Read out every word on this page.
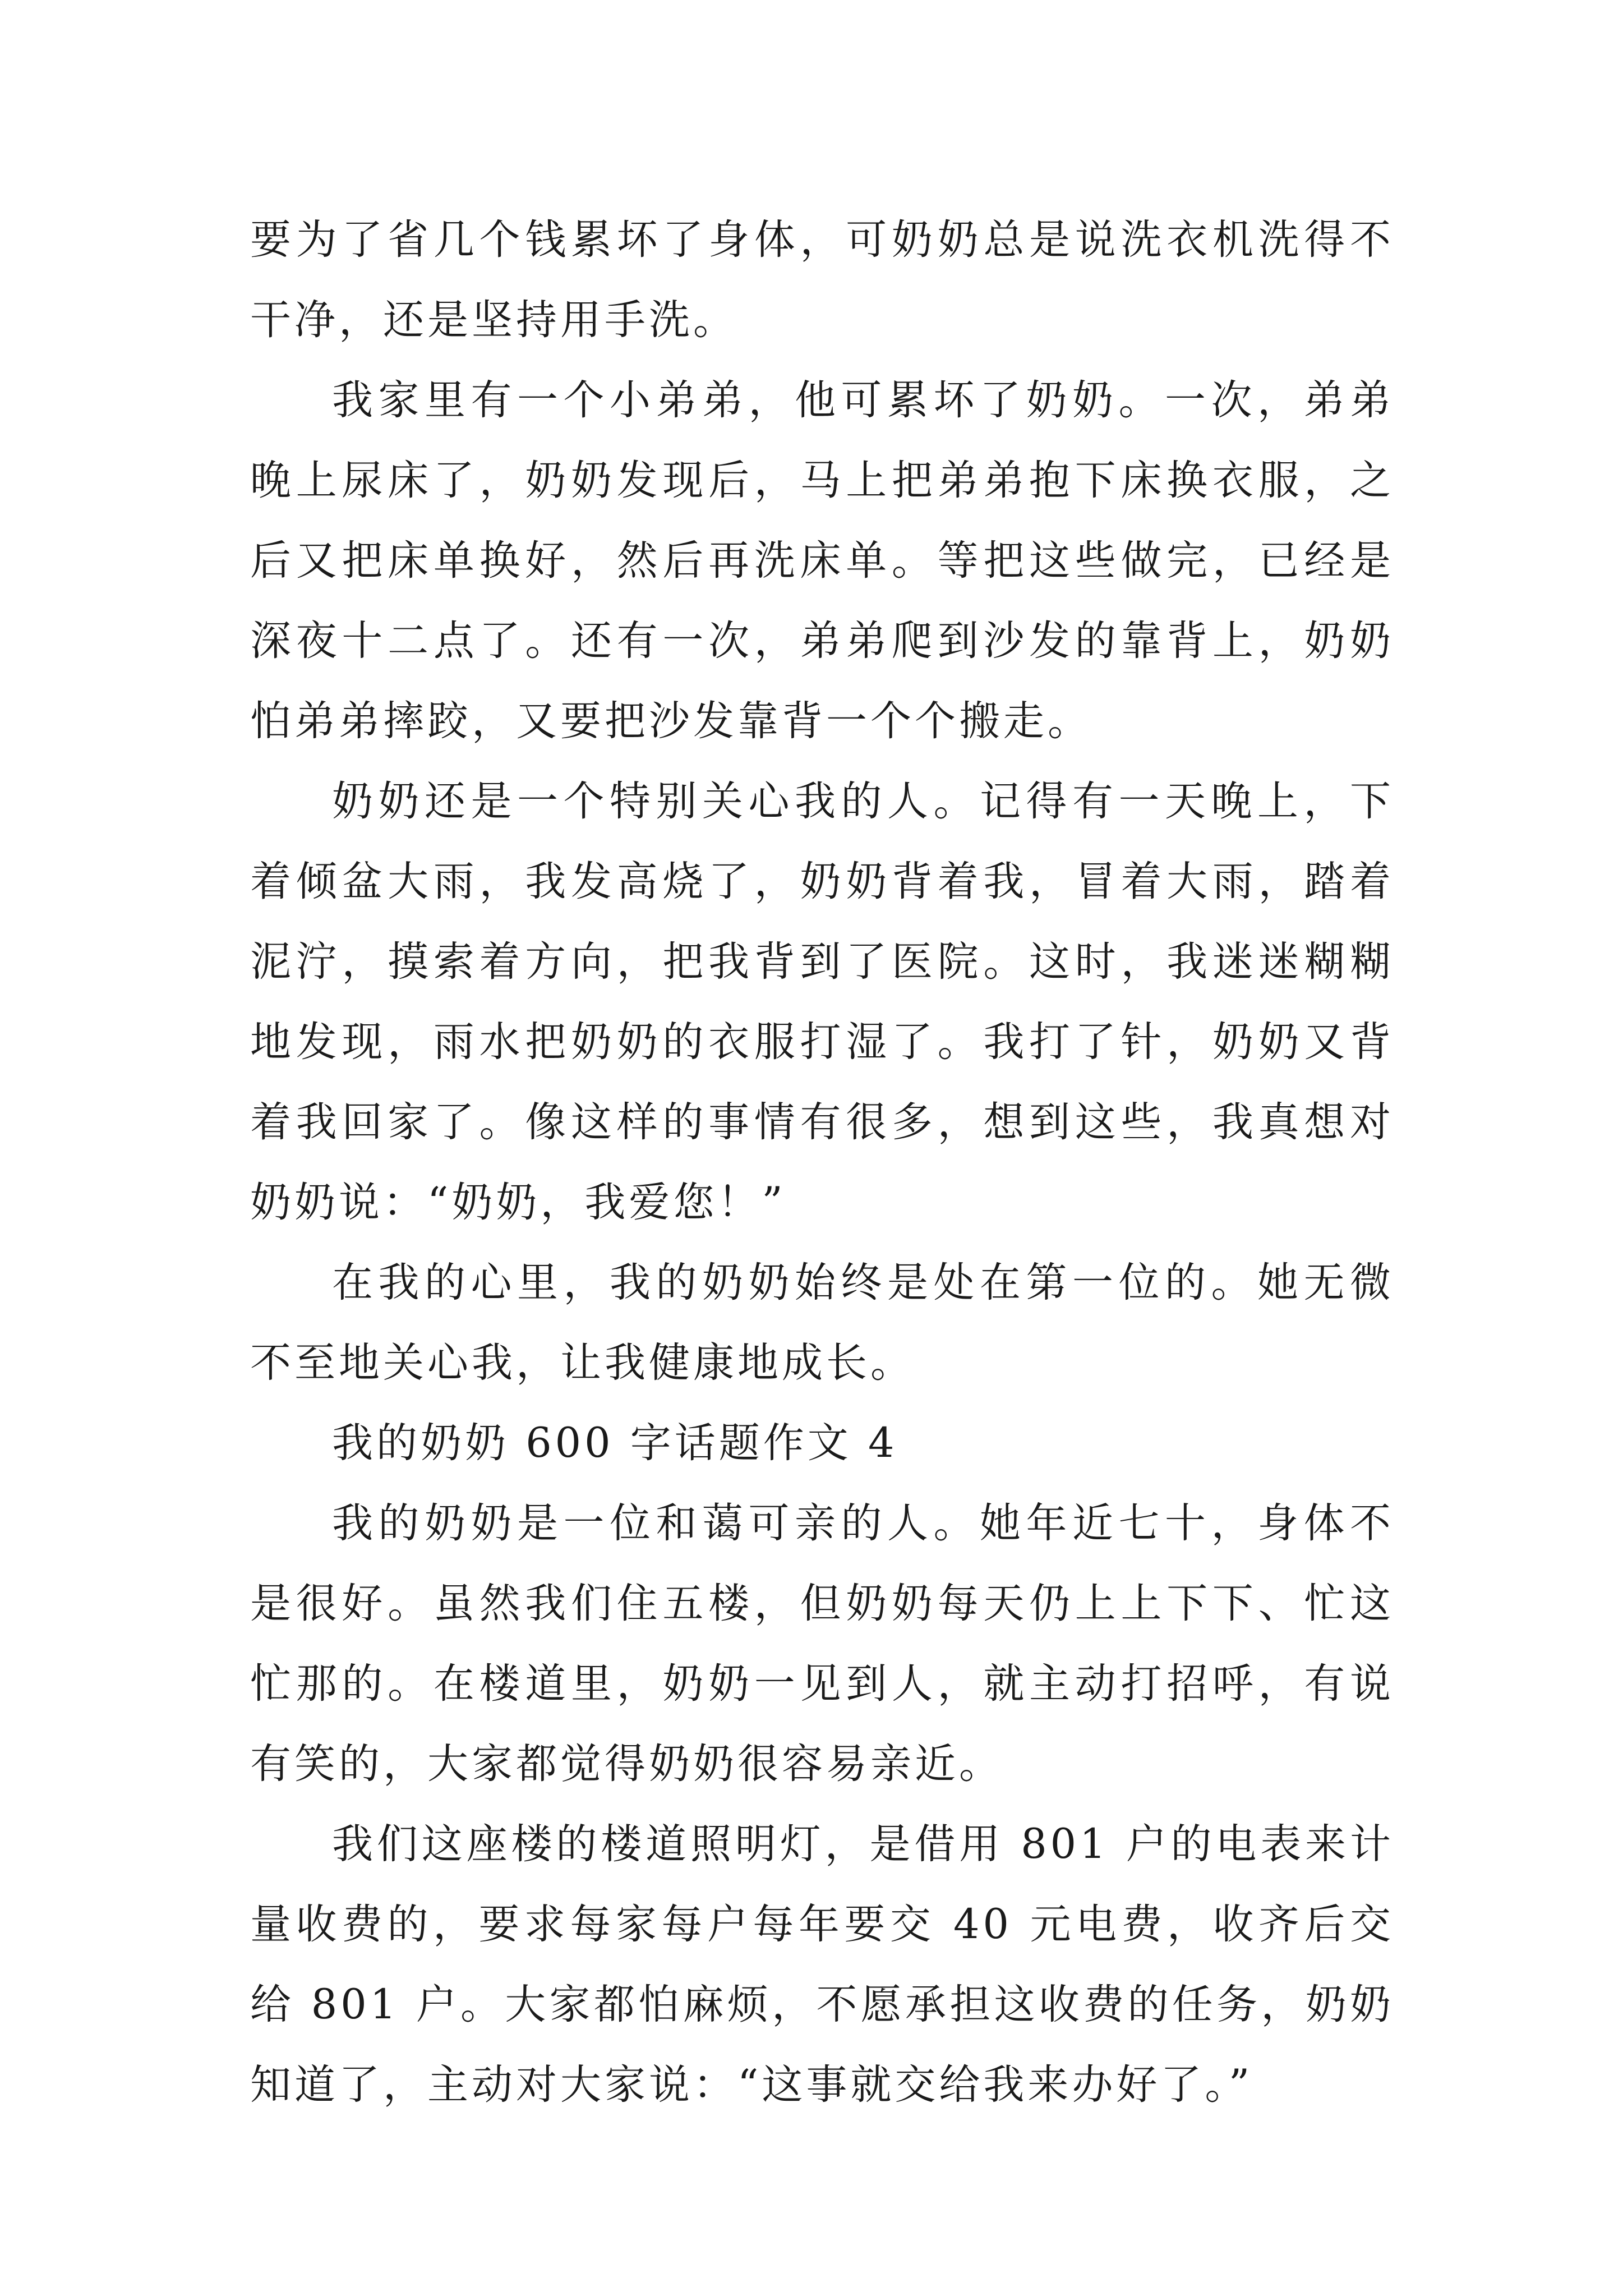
要为了省几个钱累坏了身体，可奶奶总是说洗衣机洗得不干净，还是坚持用手洗。

我家里有一个小弟弟，他可累坏了奶奶。一次，弟弟晚上尿床了，奶奶发现后，马上把弟弟抱下床换衣服，之后又把床单换好，然后再洗床单。等把这些做完，已经是深夜十二点了。还有一次，弟弟爬到沙发的靠背上，奶奶怕弟弟摔跤，又要把沙发靠背一个个搬走。

奶奶还是一个特别关心我的人。记得有一天晚上，下着倾盆大雨，我发高烧了，奶奶背着我，冒着大雨，踏着泥泞，摸索着方向，把我背到了医院。这时，我迷迷糊糊地发现，雨水把奶奶的衣服打湿了。我打了针，奶奶又背着我回家了。像这样的事情有很多，想到这些，我真想对奶奶说：“奶奶，我爱您！”

在我的心里，我的奶奶始终是处在第一位的。她无微不至地关心我，让我健康地成长。

我的奶奶 600 字话题作文 4

我的奶奶是一位和蔼可亲的人。她年近七十，身体不是很好。虽然我们住五楼，但奶奶每天仍上上下下、忙这忙那的。在楼道里，奶奶一见到人，就主动打招呼，有说有笑的，大家都觉得奶奶很容易亲近。

我们这座楼的楼道照明灯，是借用 801 户的电表来计量收费的，要求每家每户每年要交 40 元电费，收齐后交给 801 户。大家都怕麻烦，不愿承担这收费的任务，奶奶知道了，主动对大家说：“这事就交给我来办好了。”
